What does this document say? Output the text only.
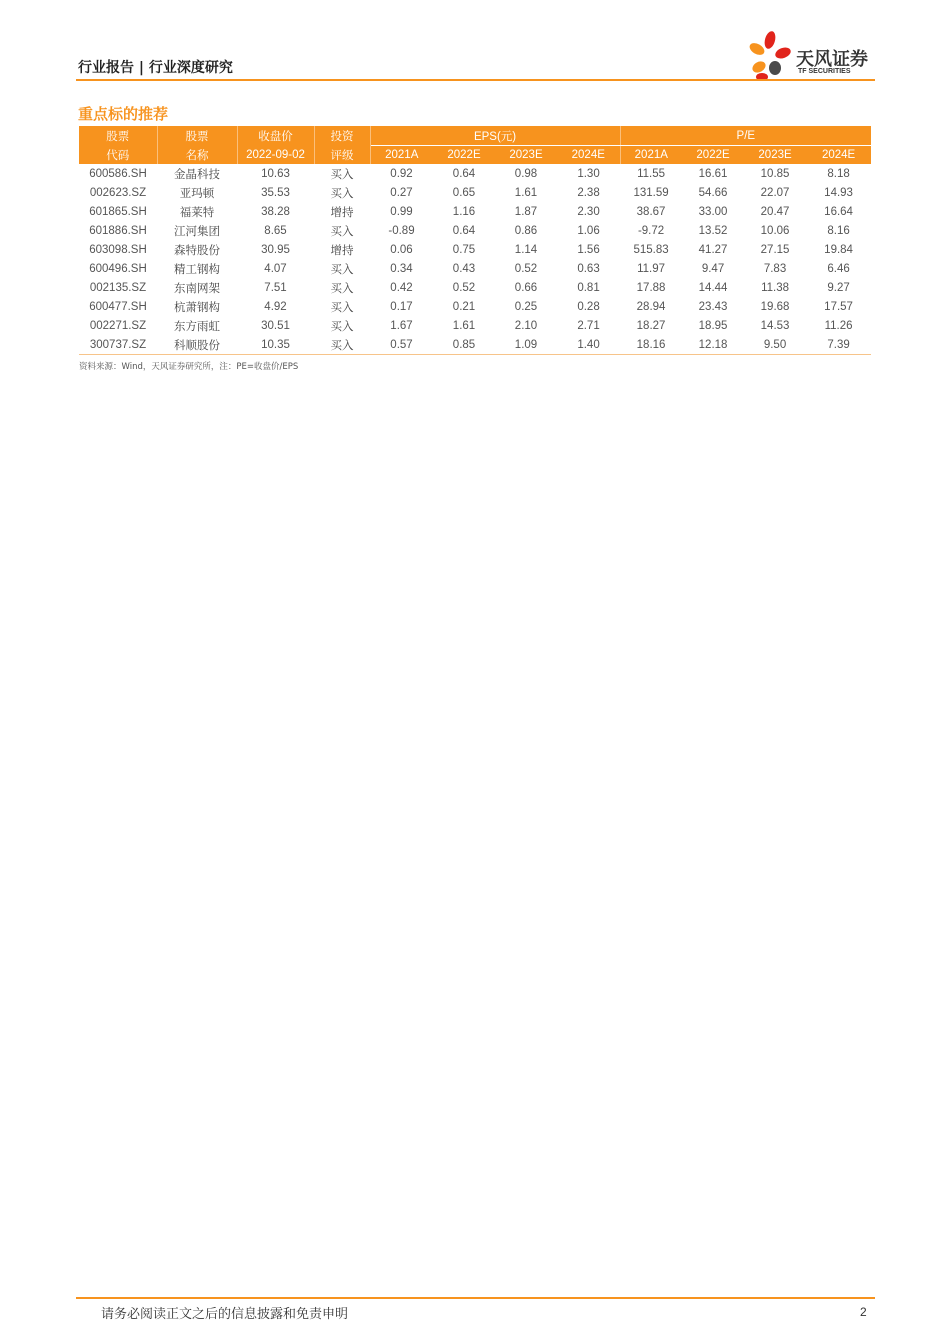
行业报告 | 行业深度研究	天风证券
TF SECURITIES
重点标的推荐
股票	股票	收盘价	投资	EPS(元)				P/E			
代码	名称	2022-09-02	评级	2021A	2022E	2023E	2024E	2021A	2022E	2023E	2024E
600586.SH	金晶科技	10.63	买入	0.92	0.64	0.98	1.30	11.55	16.61	10.85	8.18
002623.SZ	亚玛顿	35.53	买入	0.27	0.65	1.61	2.38	131.59	54.66	22.07	14.93
601865.SH	福莱特	38.28	增持	0.99	1.16	1.87	2.30	38.67	33.00	20.47	16.64
601886.SH	江河集团	8.65	买入	-0.89	0.64	0.86	1.06	-9.72	13.52	10.06	8.16
603098.SH	森特股份	30.95	增持	0.06	0.75	1.14	1.56	515.83	41.27	27.15	19.84
600496.SH	精工钢构	4.07	买入	0.34	0.43	0.52	0.63	11.97	9.47	7.83	6.46
002135.SZ	东南网架	7.51	买入	0.42	0.52	0.66	0.81	17.88	14.44	11.38	9.27
600477.SH	杭萧钢构	4.92	买入	0.17	0.21	0.25	0.28	28.94	23.43	19.68	17.57
002271.SZ	东方雨虹	30.51	买入	1.67	1.61	2.10	2.71	18.27	18.95	14.53	11.26
300737.SZ	科顺股份	10.35	买入	0.57	0.85	1.09	1.40	18.16	12.18	9.50	7.39
资料来源：Wind，天风证券研究所，注：PE=收盘价/EPS
请务必阅读正文之后的信息披露和免责申明	2
